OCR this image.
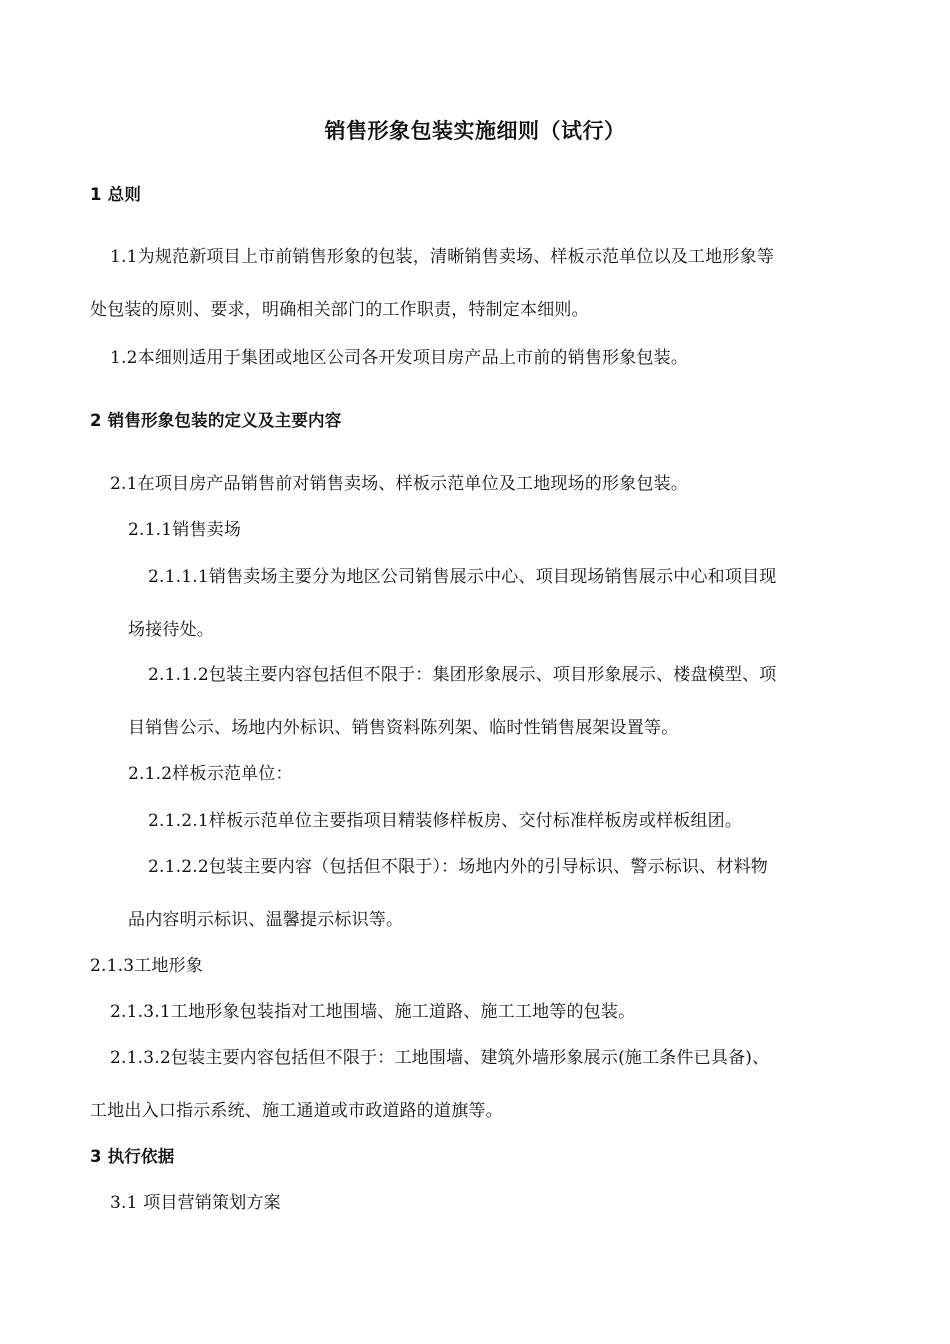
销售形象包装实施细则（试行）
1 总则
1.1为规范新项目上市前销售形象的包装，清晰销售卖场、样板示范单位以及工地形象等
处包装的原则、要求，明确相关部门的工作职责，特制定本细则。
1.2本细则适用于集团或地区公司各开发项目房产品上市前的销售形象包装。
2 销售形象包装的定义及主要内容
2.1在项目房产品销售前对销售卖场、样板示范单位及工地现场的形象包装。
2.1.1销售卖场
2.1.1.1销售卖场主要分为地区公司销售展示中心、项目现场销售展示中心和项目现
场接待处。
2.1.1.2包装主要内容包括但不限于：集团形象展示、项目形象展示、楼盘模型、项
目销售公示、场地内外标识、销售资料陈列架、临时性销售展架设置等。
2.1.2样板示范单位：
2.1.2.1样板示范单位主要指项目精装修样板房、交付标准样板房或样板组团。
2.1.2.2包装主要内容（包括但不限于）：场地内外的引导标识、警示标识、材料物
品内容明示标识、温馨提示标识等。
2.1.3工地形象
2.1.3.1工地形象包装指对工地围墙、施工道路、施工工地等的包装。
2.1.3.2包装主要内容包括但不限于：工地围墙、建筑外墙形象展示(施工条件已具备)、
工地出入口指示系统、施工通道或市政道路的道旗等。
3 执行依据
3.1 项目营销策划方案
